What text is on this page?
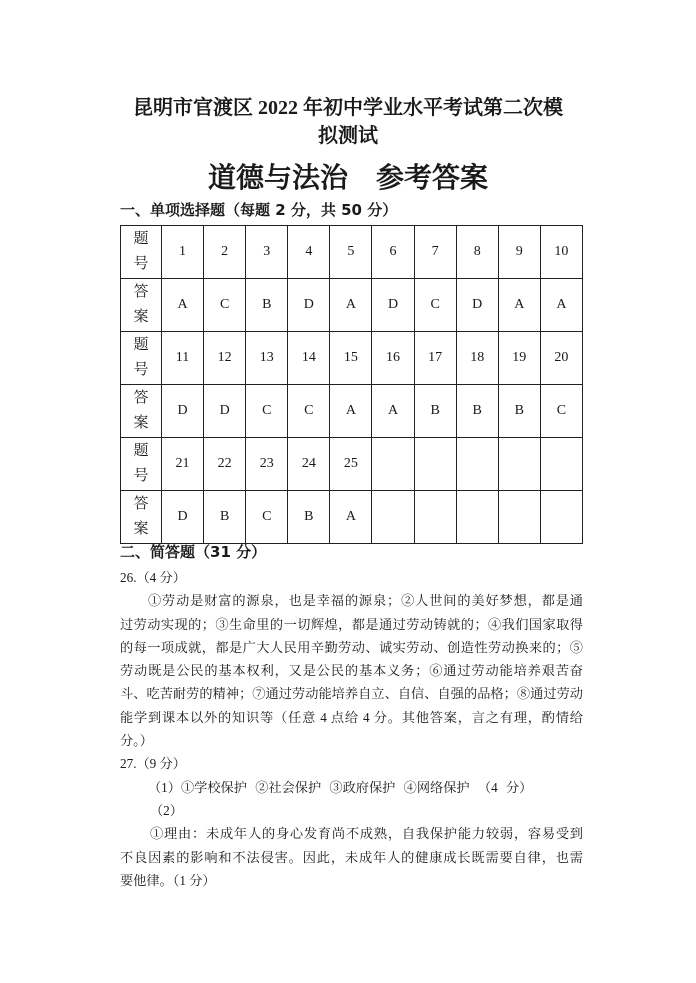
昆明市官渡区 2022 年初中学业水平考试第二次模
拟测试
道德与法治　参考答案
一、单项选择题（每题 2 分，共 50 分）
题号	1	2	3	4	5	6	7	8	9	10
答案	A	C	B	D	A	D	C	D	A	A
题号	11	12	13	14	15	16	17	18	19	20
答案	D	D	C	C	A	A	B	B	B	C
题号	21	22	23	24	25					
答案	D	B	C	B	A					
二、简答题（31 分）
26.（4 分）
①劳动是财富的源泉，也是幸福的源泉；②人世间的美好梦想，都是通
过劳动实现的；③生命里的一切辉煌，都是通过劳动铸就的；④我们国家取得
的每一项成就，都是广大人民用辛勤劳动、诚实劳动、创造性劳动换来的；⑤
劳动既是公民的基本权利，又是公民的基本义务；⑥通过劳动能培养艰苦奋
斗、吃苦耐劳的精神；⑦通过劳动能培养自立、自信、自强的品格；⑧通过劳动
能学到课本以外的知识等（任意 4 点给 4 分。其他答案，言之有理，酌情给
分。）
27.（9 分）
（1）①学校保护 ②社会保护 ③政府保护 ④网络保护 （4 分）
（2）
①理由：未成年人的身心发育尚不成熟，自我保护能力较弱，容易受到
不良因素的影响和不法侵害。因此，未成年人的健康成长既需要自律，也需
要他律。（1 分）
